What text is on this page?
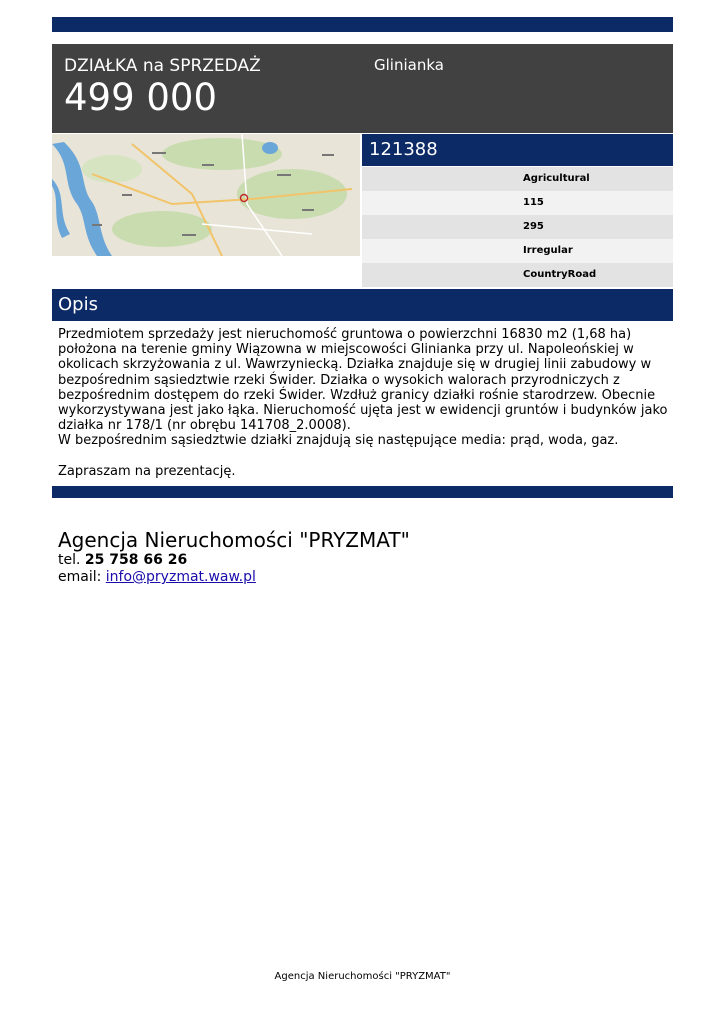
DZIAŁKA na SPRZEDAŻ
499 000
Glinianka
121388
Agricultural
115
295
Irregular
CountryRoad
Opis

Przedmiotem sprzedaży jest nieruchomość gruntowa o powierzchni 16830 m2 (1,68 ha) położona na terenie gminy Wiązowna w miejscowości Glinianka przy ul. Napoleońskiej w okolicach skrzyżowania z ul. Wawrzyniecką. Działka znajduje się w drugiej linii zabudowy w bezpośrednim sąsiedztwie rzeki Świder. Działka o wysokich walorach przyrodniczych z bezpośrednim dostępem do rzeki Świder. Wzdłuż granicy działki rośnie starodrzew. Obecnie wykorzystywana jest jako łąka. Nieruchomość ujęta jest w ewidencji gruntów i budynków jako działka nr 178/1 (nr obrębu 141708_2.0008).

W bezpośrednim sąsiedztwie działki znajdują się następujące media: prąd, woda, gaz.

Zapraszam na prezentację.

Agencja Nieruchomości "PRYZMAT"
tel. 25 758 66 26
email: info@pryzmat.waw.pl
Agencja Nieruchomości "PRYZMAT"
